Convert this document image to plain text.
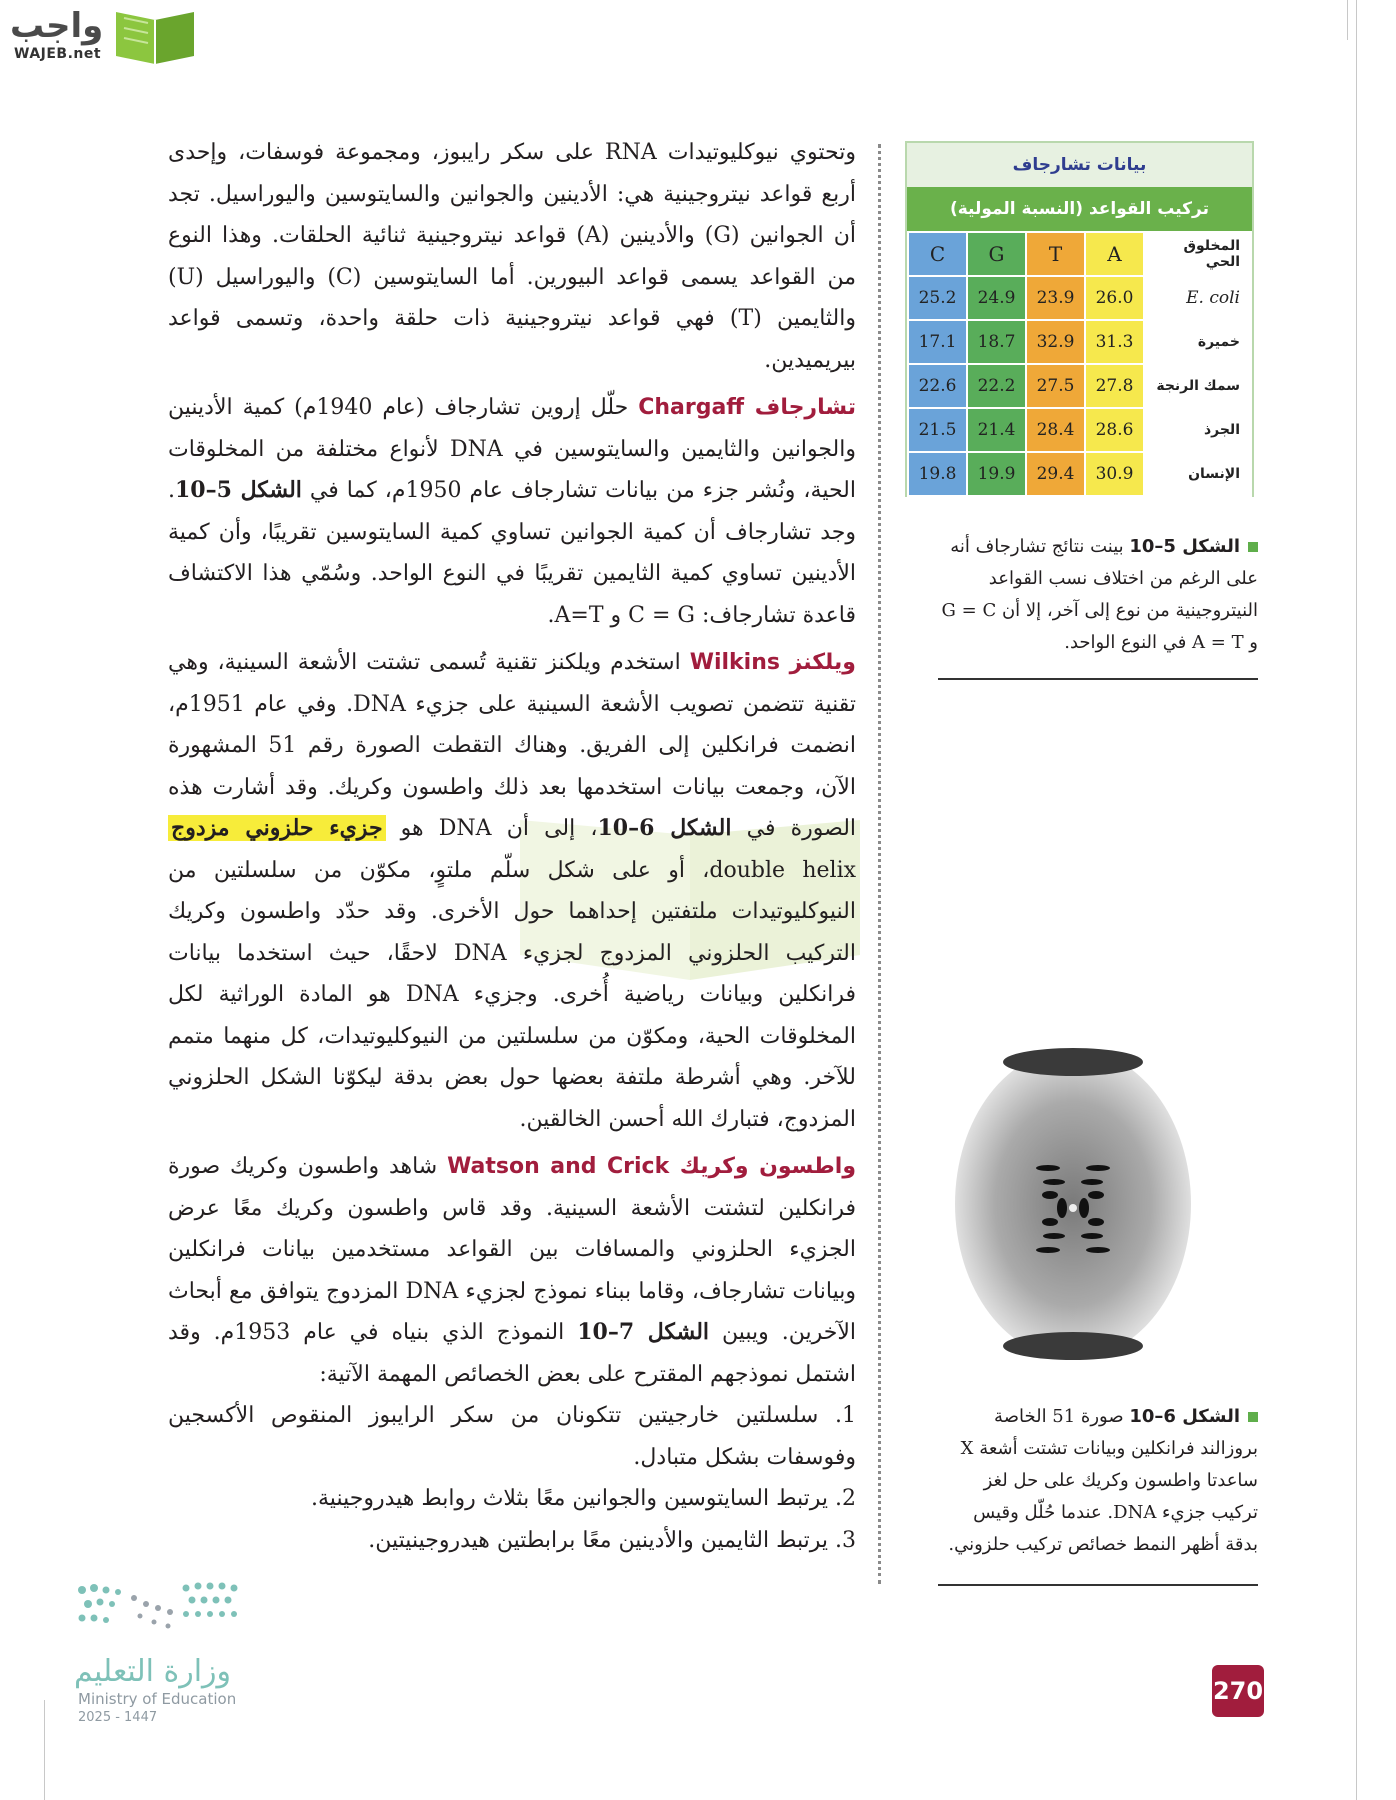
واجب
WAJEB.net

وتحتوي نيوكليوتيدات RNA على سكر رايبوز، ومجموعة فوسفات، وإحدى أربع قواعد نيتروجينية هي: الأدينين والجوانين والسايتوسين واليوراسيل. تجد أن الجوانين (G) والأدينين (A) قواعد نيتروجينية ثنائية الحلقات. وهذا النوع من القواعد يسمى قواعد البيورين. أما السايتوسين (C) واليوراسيل (U) والثايمين (T) فهي قواعد نيتروجينية ذات حلقة واحدة، وتسمى قواعد بيريميدين.

تشارجاف Chargaff حلّل إروين تشارجاف (عام 1940م) كمية الأدينين والجوانين والثايمين والسايتوسين في DNA لأنواع مختلفة من المخلوقات الحية، ونُشر جزء من بيانات تشارجاف عام 1950م، كما في الشكل 5–10. وجد تشارجاف أن كمية الجوانين تساوي كمية السايتوسين تقريبًا، وأن كمية الأدينين تساوي كمية الثايمين تقريبًا في النوع الواحد. وسُمّي هذا الاكتشاف قاعدة تشارجاف: C = G و A=T.

ويلكنز Wilkins استخدم ويلكنز تقنية تُسمى تشتت الأشعة السينية، وهي تقنية تتضمن تصويب الأشعة السينية على جزيء DNA. وفي عام 1951م، انضمت فرانكلين إلى الفريق. وهناك التقطت الصورة رقم 51 المشهورة الآن، وجمعت بيانات استخدمها بعد ذلك واطسون وكريك. وقد أشارت هذه الصورة في الشكل 6–10، إلى أن DNA هو جزيء حلزوني مزدوج double helix، أو على شكل سلّم ملتوٍ، مكوّن من سلسلتين من النيوكليوتيدات ملتفتين إحداهما حول الأخرى. وقد حدّد واطسون وكريك التركيب الحلزوني المزدوج لجزيء DNA لاحقًا، حيث استخدما بيانات فرانكلين وبيانات رياضية أُخرى. وجزيء DNA هو المادة الوراثية لكل المخلوقات الحية، ومكوّن من سلسلتين من النيوكليوتيدات، كل منهما متمم للآخر. وهي أشرطة ملتفة بعضها حول بعض بدقة ليكوّنا الشكل الحلزوني المزدوج، فتبارك الله أحسن الخالقين.

واطسون وكريك Watson and Crick شاهد واطسون وكريك صورة فرانكلين لتشتت الأشعة السينية. وقد قاس واطسون وكريك معًا عرض الجزيء الحلزوني والمسافات بين القواعد مستخدمين بيانات فرانكلين وبيانات تشارجاف، وقاما ببناء نموذج لجزيء DNA المزدوج يتوافق مع أبحاث الآخرين. ويبين الشكل 7–10 النموذج الذي بنياه في عام 1953م. وقد اشتمل نموذجهم المقترح على بعض الخصائص المهمة الآتية:

1. سلسلتين خارجيتين تتكونان من سكر الرايبوز المنقوص الأكسجين وفوسفات بشكل متبادل.

2. يرتبط السايتوسين والجوانين معًا بثلاث روابط هيدروجينية.

3. يرتبط الثايمين والأدينين معًا برابطتين هيدروجينيتين.

بيانات تشارجاف
تركيب القواعد (النسبة المولية)
المخلوق الحي	A	T	G	C
E. coli	26.0	23.9	24.9	25.2
خميرة	31.3	32.9	18.7	17.1
سمك الرنجة	27.8	27.5	22.2	22.6
الجرذ	28.6	28.4	21.4	21.5
الإنسان	30.9	29.4	19.9	19.8
الشكل 5–10 بينت نتائج تشارجاف أنه على الرغم من اختلاف نسب القواعد النيتروجينية من نوع إلى آخر، إلا أن G = C و A = T في النوع الواحد.
الشكل 6–10 صورة 51 الخاصة بروزالند فرانكلين وبيانات تشتت أشعة X ساعدتا واطسون وكريك على حل لغز تركيب جزيء DNA. عندما حُلّل وقيس بدقة أظهر النمط خصائص تركيب حلزوني.
270
وزارة التعليم
Ministry of Education
2025 - 1447
